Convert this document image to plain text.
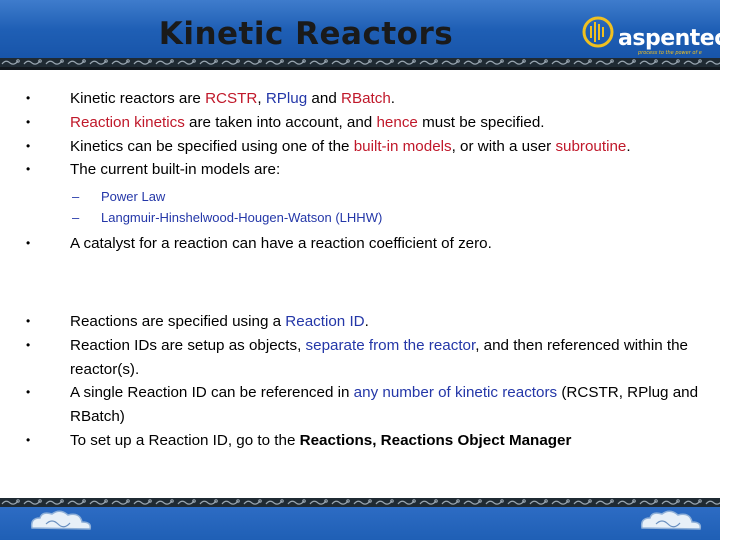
Kinetic Reactors	aspentech
process to the power of e
•	Kinetic reactors are RCSTR, RPlug and RBatch.
•	Reaction kinetics are taken into account, and hence must be specified.
•	Kinetics can be specified using one of the built-in models, or with a user subroutine.
•	The current built-in models are:
– Power Law
– Langmuir-Hinshelwood-Hougen-Watson (LHHW)
•	A catalyst for a reaction can have a reaction coefficient of zero.
•	Reactions are specified using a Reaction ID.
•	Reaction IDs are setup as objects, separate from the reactor, and then referenced within the reactor(s).
•	A single Reaction ID can be referenced in any number of kinetic reactors (RCSTR, RPlug and RBatch)
•	To set up a Reaction ID, go to the Reactions, Reactions Object Manager
